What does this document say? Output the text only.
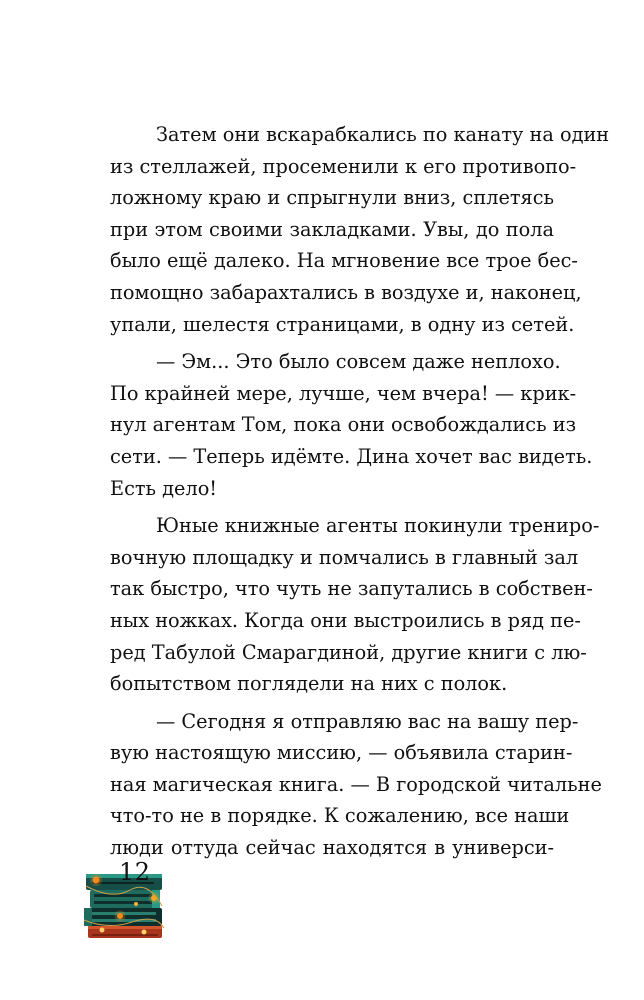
Затем они вскарабкались по канату на один
из стеллажей, просеменили к его противопо-
ложному краю и спрыгнули вниз, сплетясь
при этом своими закладками. Увы, до пола
было ещё далеко. На мгновение все трое бес-
помощно забарахтались в воздухе и, наконец,
упали, шелестя страницами, в одну из сетей.
— Эм... Это было совсем даже неплохо.
По крайней мере, лучше, чем вчера! — крик-
нул агентам Том, пока они освобождались из
сети. — Теперь идёмте. Дина хочет вас видеть.
Есть дело!
Юные книжные агенты покинули трениро-
вочную площадку и помчались в главный зал
так быстро, что чуть не запутались в собствен-
ных ножках. Когда они выстроились в ряд пе-
ред Табулой Смарагдиной, другие книги с лю-
бопытством поглядели на них с полок.
— Сегодня я отправляю вас на вашу пер-
вую настоящую миссию, — объявила старин-
ная магическая книга. — В городской читальне
что-то не в порядке. К сожалению, все наши
люди оттуда сейчас находятся в универси-
12
